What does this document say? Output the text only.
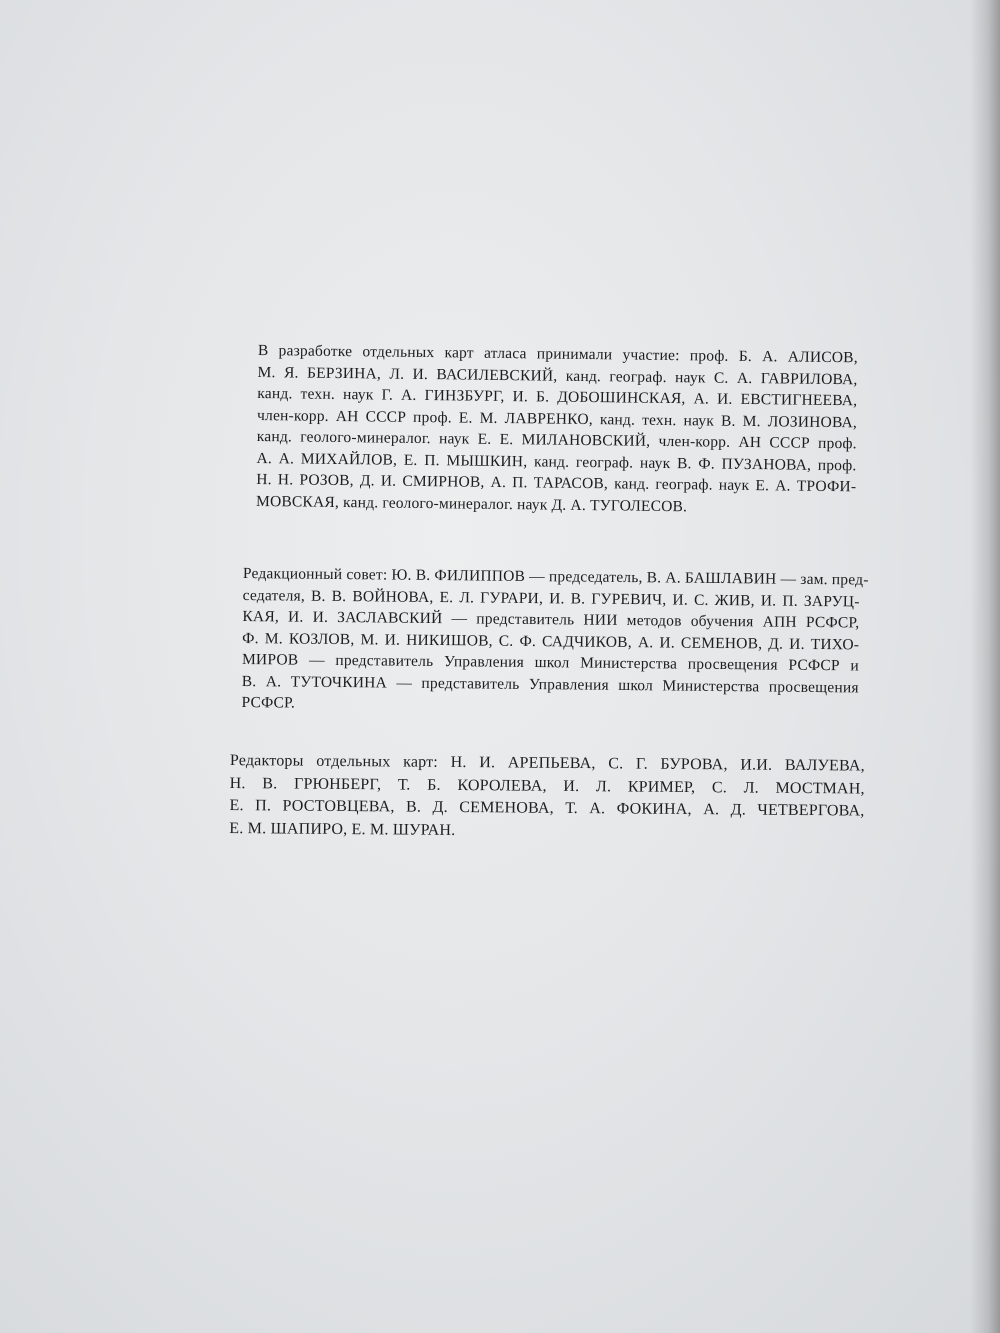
В разработке отдельных карт атласа принимали участие: проф. Б. А. АЛИСОВ,
М. Я. БЕРЗИНА, Л. И. ВАСИЛЕВСКИЙ, канд. географ. наук С. А. ГАВРИЛОВА,
канд. техн. наук Г. А. ГИНЗБУРГ, И. Б. ДОБОШИНСКАЯ, А. И. ЕВСТИГНЕЕВА,
член-корр. АН СССР проф. Е. М. ЛАВРЕНКО, канд. техн. наук В. М. ЛОЗИНОВА,
канд. геолого-минералог. наук Е. Е. МИЛАНОВСКИЙ, член-корр. АН СССР проф.
А. А. МИХАЙЛОВ, Е. П. МЫШКИН, канд. географ. наук В. Ф. ПУЗАНОВА, проф.
Н. Н. РОЗОВ, Д. И. СМИРНОВ, А. П. ТАРАСОВ, канд. географ. наук Е. А. ТРОФИ-
МОВСКАЯ, канд. геолого-минералог. наук Д. А. ТУГОЛЕСОВ.
Редакционный совет: Ю. В. ФИЛИППОВ — председатель, В. А. БАШЛАВИН — зам. пред-
седателя, В. В. ВОЙНОВА, Е. Л. ГУРАРИ, И. В. ГУРЕВИЧ, И. С. ЖИВ, И. П. ЗАРУЦ-
КАЯ, И. И. ЗАСЛАВСКИЙ — представитель НИИ методов обучения АПН РСФСР,
Ф. М. КОЗЛОВ, М. И. НИКИШОВ, С. Ф. САДЧИКОВ, А. И. СЕМЕНОВ, Д. И. ТИХО-
МИРОВ — представитель Управления школ Министерства просвещения РСФСР и
В. А. ТУТОЧКИНА — представитель Управления школ Министерства просвещения
РСФСР.
Редакторы отдельных карт: Н. И. АРЕПЬЕВА, С. Г. БУРОВА, И.И. ВАЛУЕВА,
Н. В. ГРЮНБЕРГ, Т. Б. КОРОЛЕВА, И. Л. КРИМЕР, С. Л. МОСТМАН,
Е. П. РОСТОВЦЕВА, В. Д. СЕМЕНОВА, Т. А. ФОКИНА, А. Д. ЧЕТВЕРГОВА,
Е. М. ШАПИРО, Е. М. ШУРАН.
